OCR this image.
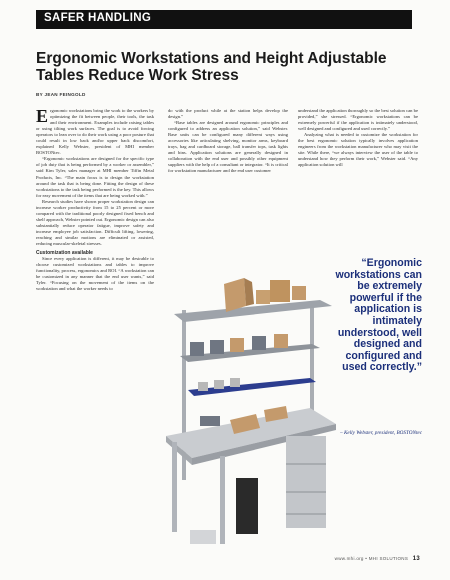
SAFER HANDLING
Ergonomic Workstations and Height Adjustable Tables Reduce Work Stress
BY JEAN FEINGOLD

Ergonomic workstations bring the work to the workers by optimizing the fit between people, their tools, the task and their environment. Examples include raising tables or using tilting work surfaces. The goal is to avoid forcing operators to lean over to do their work using a poor posture that could result in low back and/or upper back discomfort, explained Kelly Webster, president of MHI member BOSTONtec.

“Ergonomic workstations are designed for the specific type of job duty that is being performed by a worker or assembler,” said Kim Tyler, sales manager at MHI member Tiffin Metal Products, Inc. “The main focus is to design the workstation around the task that is being done. Fitting the design of these workstations to the task being performed is the key. This allows for easy movement of the items that are being worked with.”

Research studies have shown proper workstation design can increase worker productivity from 15 to 25 percent or more compared with the traditional poorly designed fixed bench and shelf approach, Webster pointed out. Ergonomic design can also substantially reduce operator fatigue, improve safety and increase employee job satisfaction. Difficult lifting, lowering, reaching and similar motions are eliminated or assisted, reducing muscular-skeletal stresses.

Customization available

Since every application is different, it may be desirable to choose customized workstations and tables to improve functionality, process, ergonomics and ROI. “A workstation can be customized in any manner that the end user wants,” said Tyler. “Focusing on the movement of the items on the workstation and what the worker needs to

do with the product while at the station helps develop the design.”

“Base tables are designed around ergonomic principles and configured to address an application solution,” said Webster. Base units can be configured many different ways using accessories like articulating shelving, monitor arms, keyboard trays, bag and cardboard storage, ball transfer tops, task lights and bins. Application solutions are generally designed in collaboration with the end user and possibly other equipment suppliers with the help of a consultant or integrator. “It is critical for workstation manufacturer and the end user customer

understand the application thoroughly so the best solution can be provided,” she stressed. “Ergonomic workstations can be extremely powerful if the application is intimately understood, well designed and configured and used correctly.”

Analyzing what is needed to customize the workstation for the best ergonomic solution typically involves application engineers from the workstation manufacturer who may visit the site. While there, “we always interview the user of the table to understand how they perform their work,” Webster said. “Any application solution will

“Ergonomic workstations can be extremely powerful if the application is intimately understood, well designed and configured and used correctly.”
– Kelly Webster, president, BOSTONtec
www.mhi.org • MHI SOLUTIONS 13
